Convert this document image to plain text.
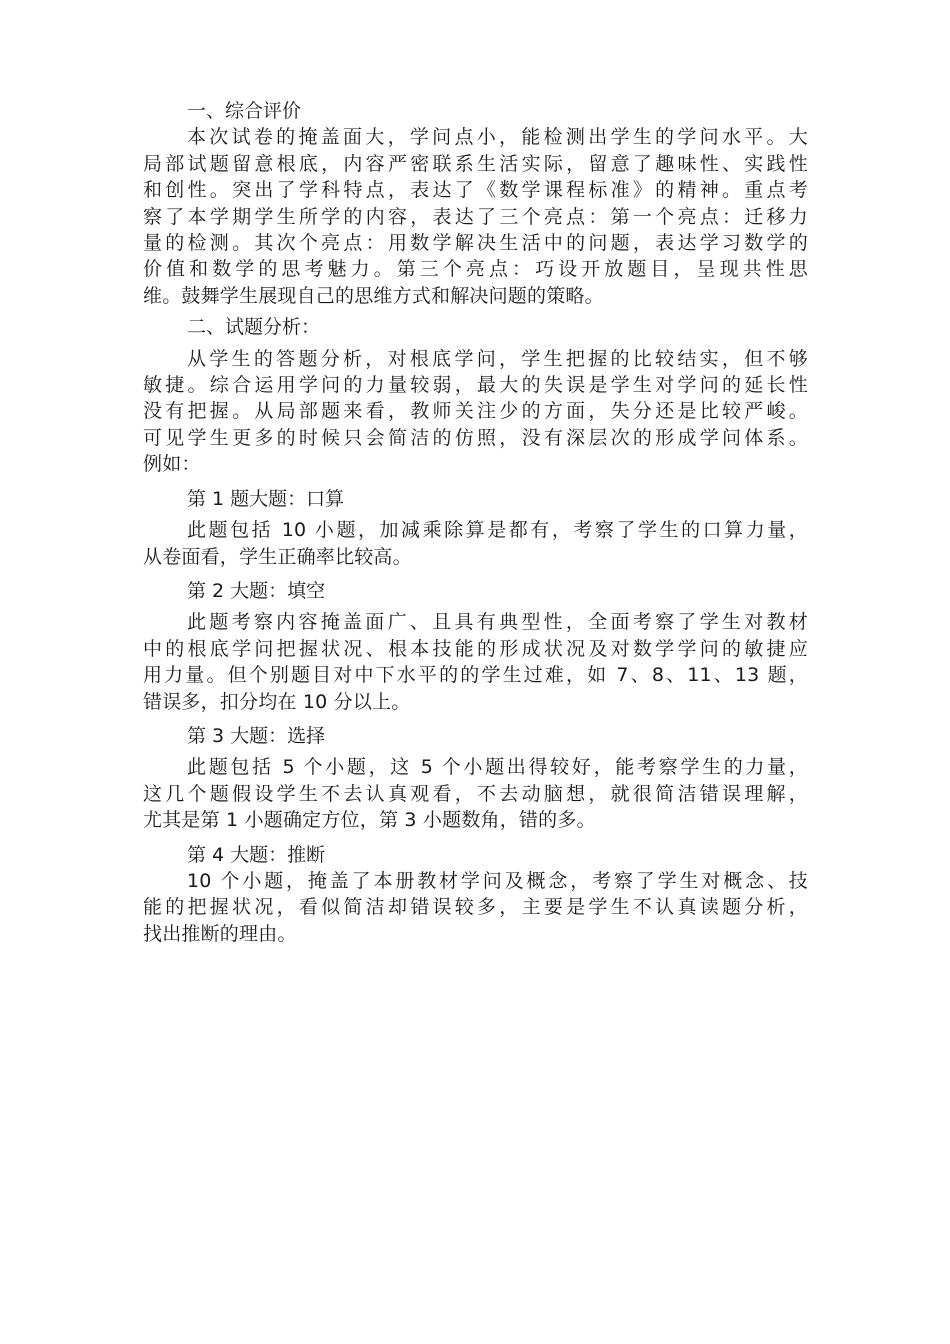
一、综合评价
本次试卷的掩盖面大，学问点小，能检测出学生的学问水平。大
局部试题留意根底，内容严密联系生活实际，留意了趣味性、实践性
和创性。突出了学科特点，表达了《数学课程标准》的精神。重点考
察了本学期学生所学的内容，表达了三个亮点：第一个亮点：迁移力
量的检测。其次个亮点：用数学解决生活中的问题，表达学习数学的
价值和数学的思考魅力。第三个亮点：巧设开放题目，呈现共性思
维。鼓舞学生展现自己的思维方式和解决问题的策略。
二、试题分析：
从学生的答题分析，对根底学问，学生把握的比较结实，但不够
敏捷。综合运用学问的力量较弱，最大的失误是学生对学问的延长性
没有把握。从局部题来看，教师关注少的方面，失分还是比较严峻。
可见学生更多的时候只会简洁的仿照，没有深层次的形成学问体系。
例如：
第 1 题大题：口算
此题包括 10 小题，加减乘除算是都有，考察了学生的口算力量，
从卷面看，学生正确率比较高。
第 2 大题：填空
此题考察内容掩盖面广、且具有典型性，全面考察了学生对教材
中的根底学问把握状况、根本技能的形成状况及对数学学问的敏捷应
用力量。但个别题目对中下水平的的学生过难，如 7、8、11、13 题，
错误多，扣分均在 10 分以上。
第 3 大题：选择
此题包括 5 个小题，这 5 个小题出得较好，能考察学生的力量，
这几个题假设学生不去认真观看，不去动脑想，就很简洁错误理解，
尤其是第 1 小题确定方位，第 3 小题数角，错的多。
第 4 大题：推断
10 个小题，掩盖了本册教材学问及概念，考察了学生对概念、技
能的把握状况，看似简洁却错误较多，主要是学生不认真读题分析，
找出推断的理由。
